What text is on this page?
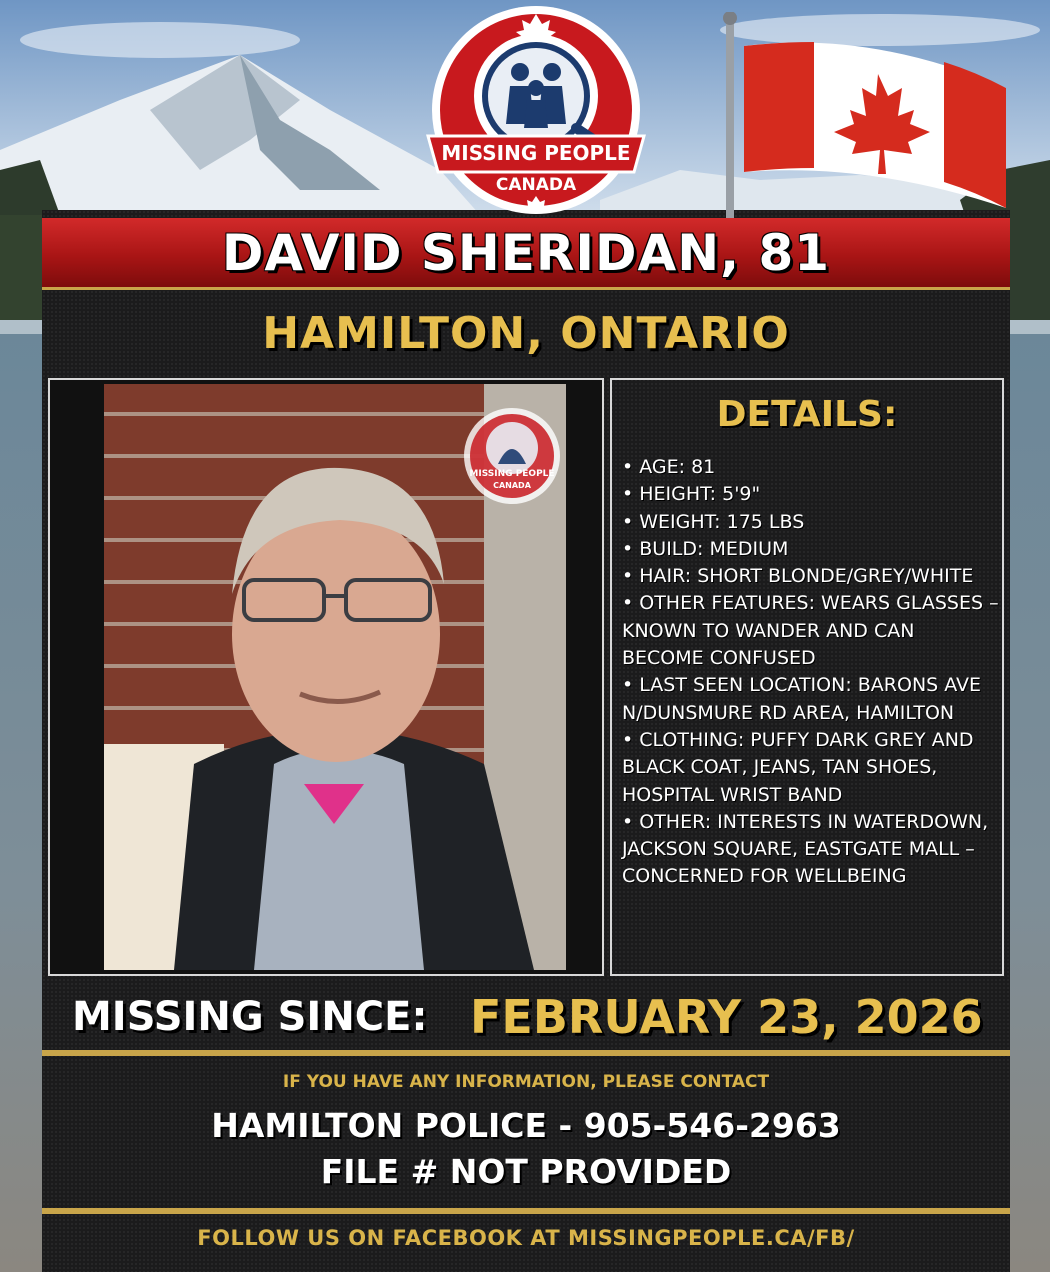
MISSING PEOPLE
CANADA
DAVID SHERIDAN, 81
HAMILTON, ONTARIO
MISSING PEOPLE
CANADA
DETAILS:
• AGE: 81
• HEIGHT: 5'9"
• WEIGHT: 175 LBS
• BUILD: MEDIUM
• HAIR: SHORT BLONDE/GREY/WHITE
• OTHER FEATURES: WEARS GLASSES – KNOWN TO WANDER AND CAN BECOME CONFUSED
• LAST SEEN LOCATION: BARONS AVE N/DUNSMURE RD AREA, HAMILTON
• CLOTHING: PUFFY DARK GREY AND BLACK COAT, JEANS, TAN SHOES, HOSPITAL WRIST BAND
• OTHER: INTERESTS IN WATERDOWN, JACKSON SQUARE, EASTGATE MALL – CONCERNED FOR WELLBEING
MISSING SINCE: FEBRUARY 23, 2026
IF YOU HAVE ANY INFORMATION, PLEASE CONTACT
HAMILTON POLICE - 905-546-2963
FILE # NOT PROVIDED
FOLLOW US ON FACEBOOK AT MISSINGPEOPLE.CA/FB/
